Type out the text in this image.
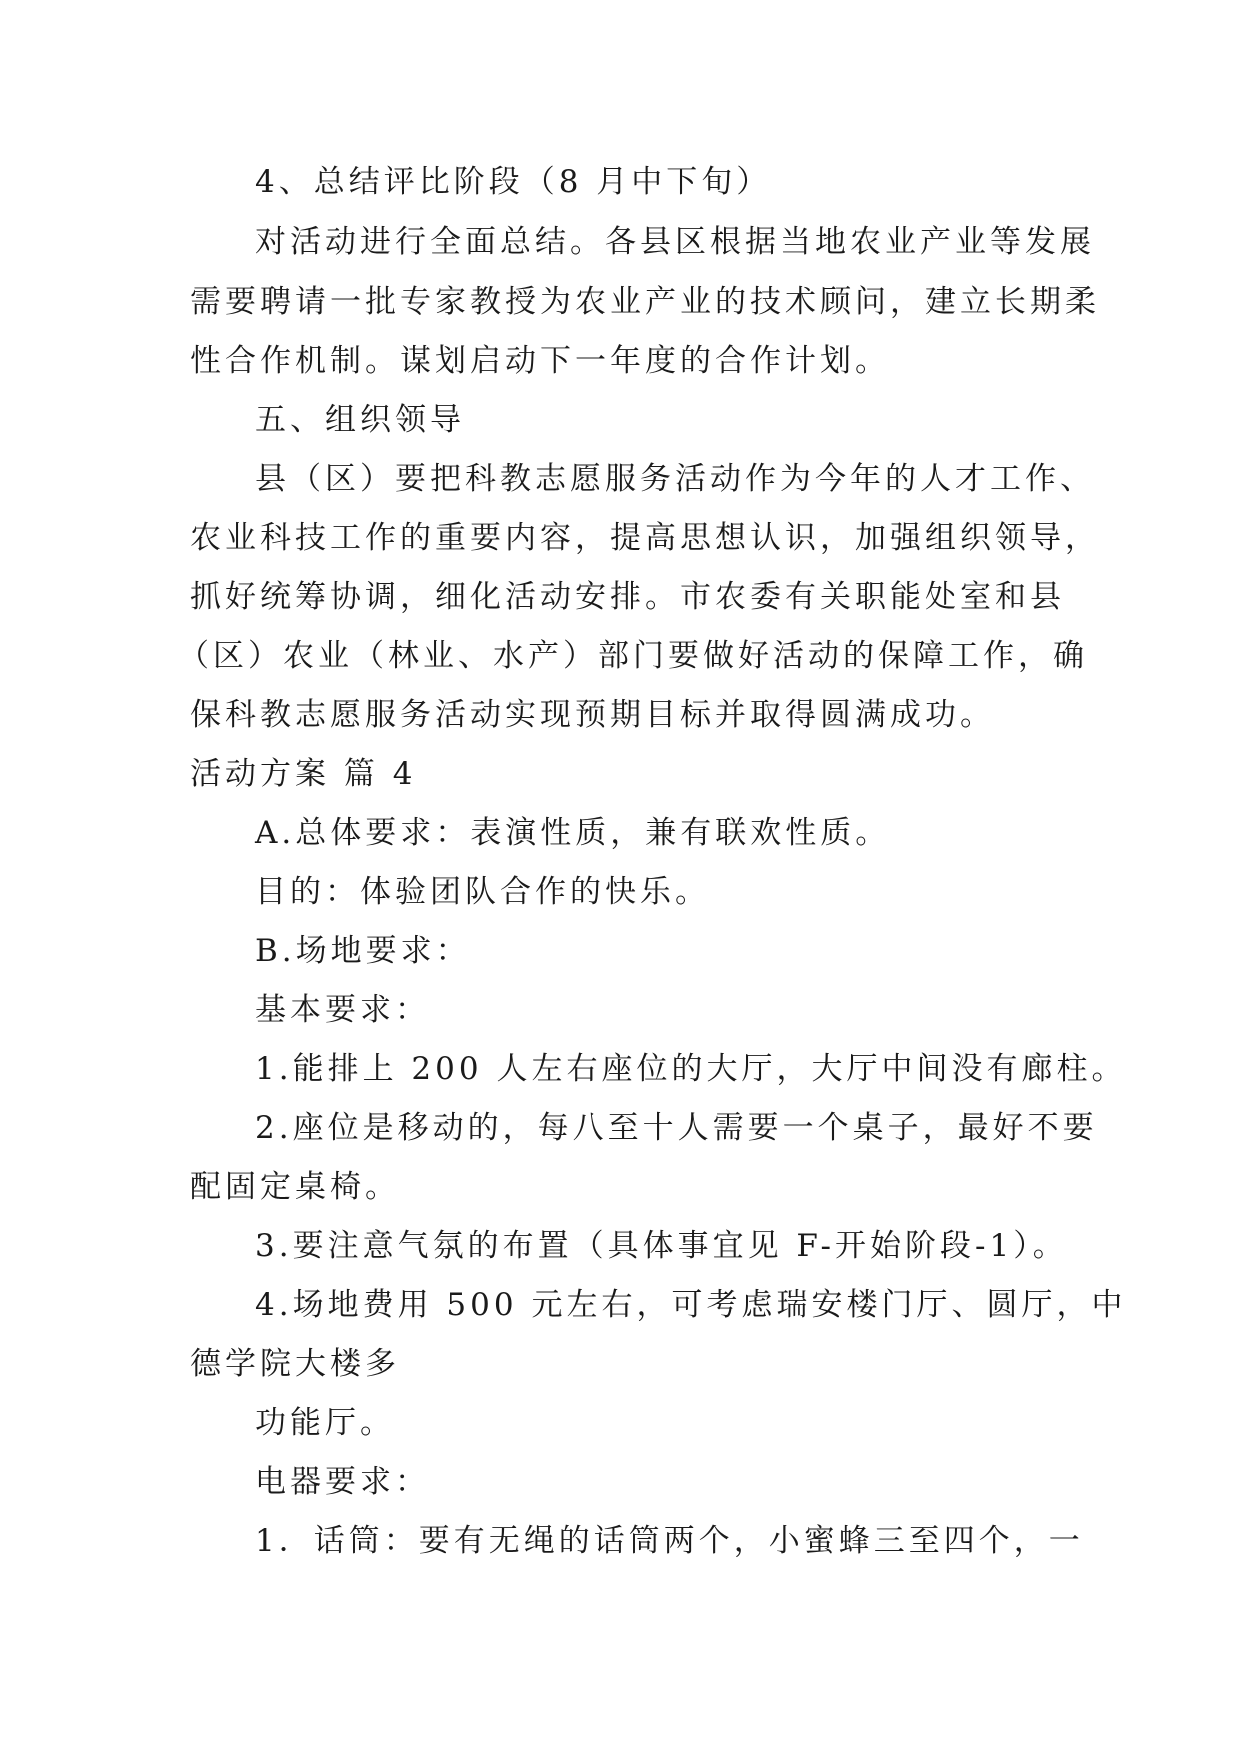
4、总结评比阶段（8 月中下旬）
对活动进行全面总结。各县区根据当地农业产业等发展
需要聘请一批专家教授为农业产业的技术顾问，建立长期柔
性合作机制。谋划启动下一年度的合作计划。
五、组织领导
县（区）要把科教志愿服务活动作为今年的人才工作、
农业科技工作的重要内容，提高思想认识，加强组织领导，
抓好统筹协调，细化活动安排。市农委有关职能处室和县
（区）农业（林业、水产）部门要做好活动的保障工作，确
保科教志愿服务活动实现预期目标并取得圆满成功。
活动方案 篇 4
A.总体要求：表演性质，兼有联欢性质。
目的：体验团队合作的快乐。
B.场地要求：
基本要求：
1.能排上 200 人左右座位的大厅，大厅中间没有廊柱。
2.座位是移动的，每八至十人需要一个桌子，最好不要
配固定桌椅。
3.要注意气氛的布置（具体事宜见 F-开始阶段-1）。
4.场地费用 500 元左右，可考虑瑞安楼门厅、圆厅，中
德学院大楼多
功能厅。
电器要求：
1．话筒：要有无绳的话筒两个，小蜜蜂三至四个，一
